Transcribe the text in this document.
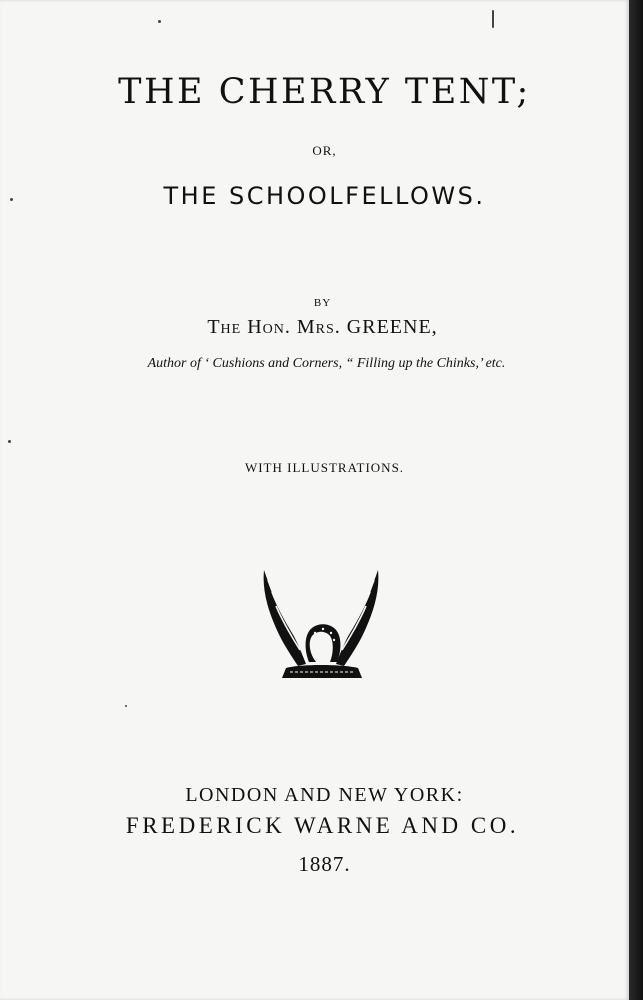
THE CHERRY TENT;
OR,
THE SCHOOLFELLOWS.
BY
The Hon. Mrs. GREENE,
Author of ‘ Cushions and Corners, “ Filling up the Chinks,’ etc.
WITH ILLUSTRATIONS.
LONDON AND NEW YORK:
FREDERICK WARNE AND CO.
1887.
